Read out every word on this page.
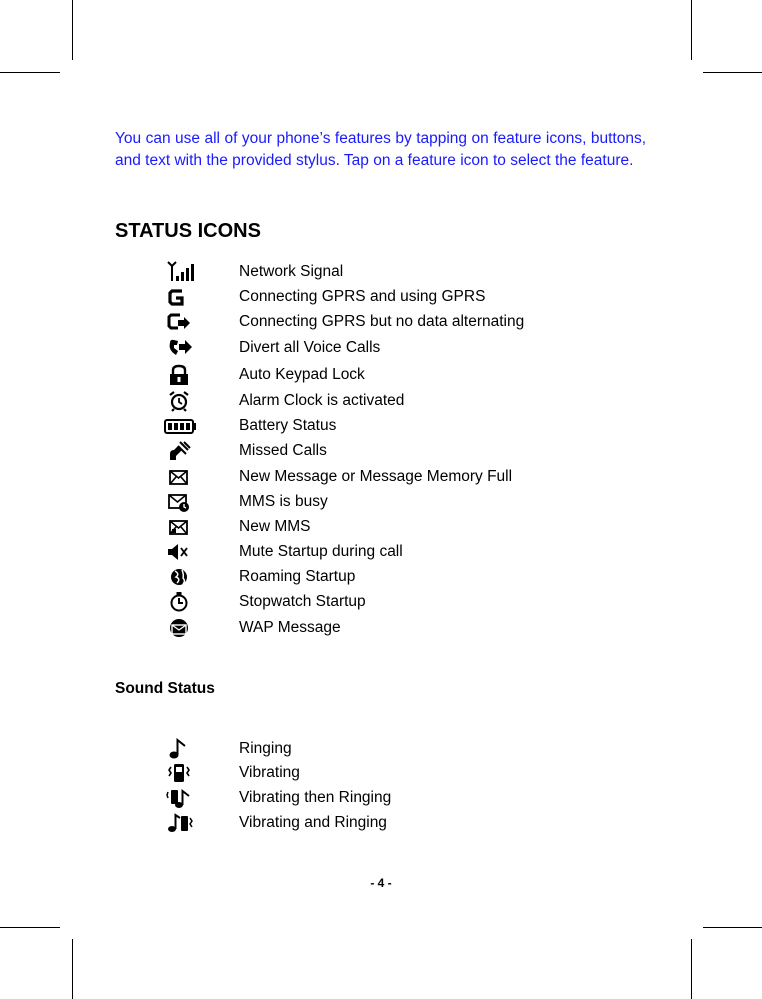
You can use all of your phone’s features by tapping on feature icons, buttons, and text with the provided stylus. Tap on a feature icon to select the feature.
STATUS ICONS
Network Signal
Connecting GPRS and using GPRS
Connecting GPRS but no data alternating
Divert all Voice Calls
Auto Keypad Lock
Alarm Clock is activated
Battery Status
Missed Calls
New Message or Message Memory Full
MMS is busy
New MMS
Mute Startup during call
Roaming Startup
Stopwatch Startup
WAP Message
Sound Status
Ringing
Vibrating
Vibrating then Ringing
Vibrating and Ringing
- 4 -
